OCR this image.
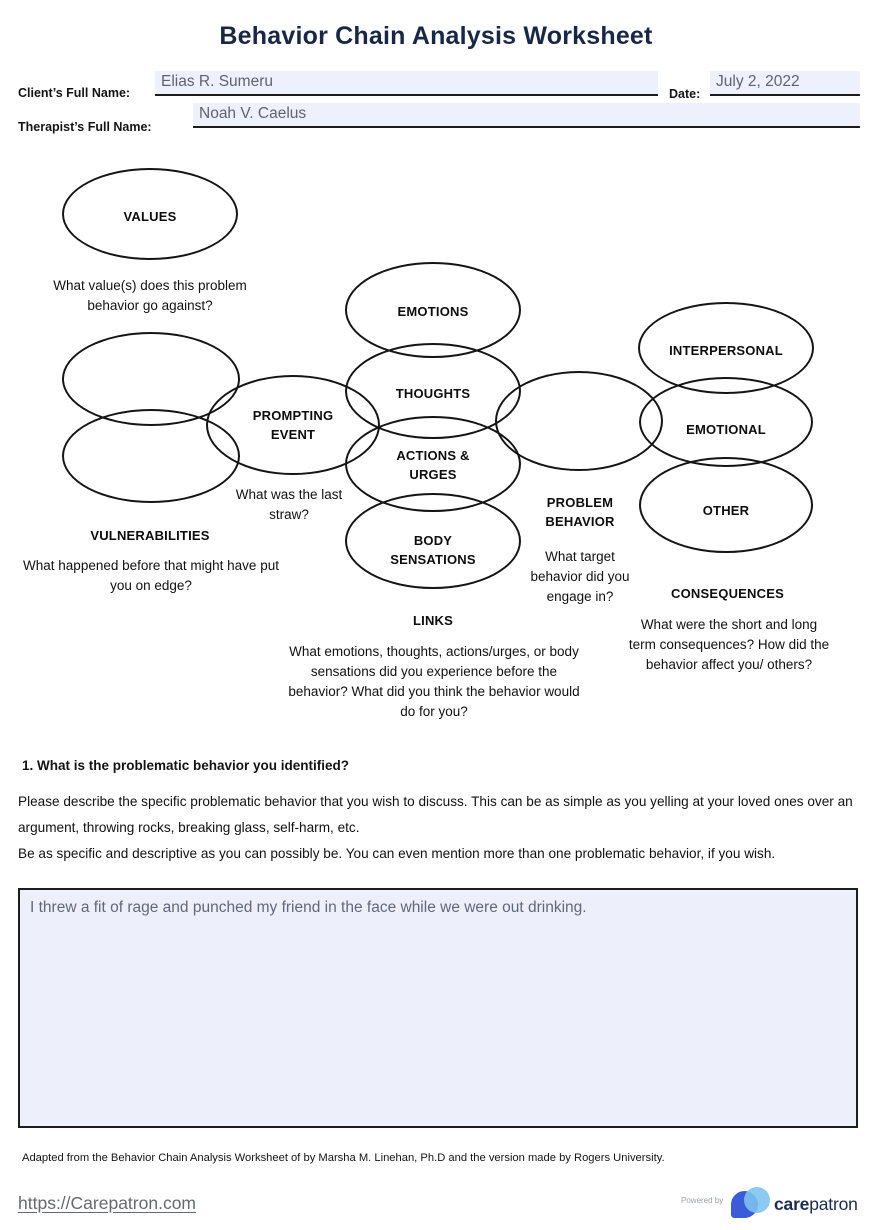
Behavior Chain Analysis Worksheet
Client’s Full Name:
Elias R. Sumeru	Date:
July 2, 2022
Therapist’s Full Name:
Noah V. Caelus
VALUES
PROMPTING EVENT
EMOTIONS
THOUGHTS
ACTIONS & URGES
BODY SENSATIONS
INTERPERSONAL
EMOTIONAL
OTHER
VULNERABILITIES
PROBLEM BEHAVIOR
LINKS
CONSEQUENCES
What value(s) does this problem behavior go against?
What happened before that might have put you on edge?
What was the last straw?
What target behavior did you engage in?
What emotions, thoughts, actions/urges, or body sensations did you experience before the behavior? What did you think the behavior would do for you?
What were the short and long term consequences? How did the behavior affect you/ others?
1. What is the problematic behavior you identified?
Please describe the specific problematic behavior that you wish to discuss. This can be as simple as you yelling at your loved ones over an argument, throwing rocks, breaking glass, self-harm, etc.
Be as specific and descriptive as you can possibly be. You can even mention more than one problematic behavior, if you wish.
I threw a fit of rage and punched my friend in the face while we were out drinking.
Adapted from the Behavior Chain Analysis Worksheet of by Marsha M. Linehan, Ph.D and the version made by Rogers University.
https://Carepatron.com	Powered by	carepatron
